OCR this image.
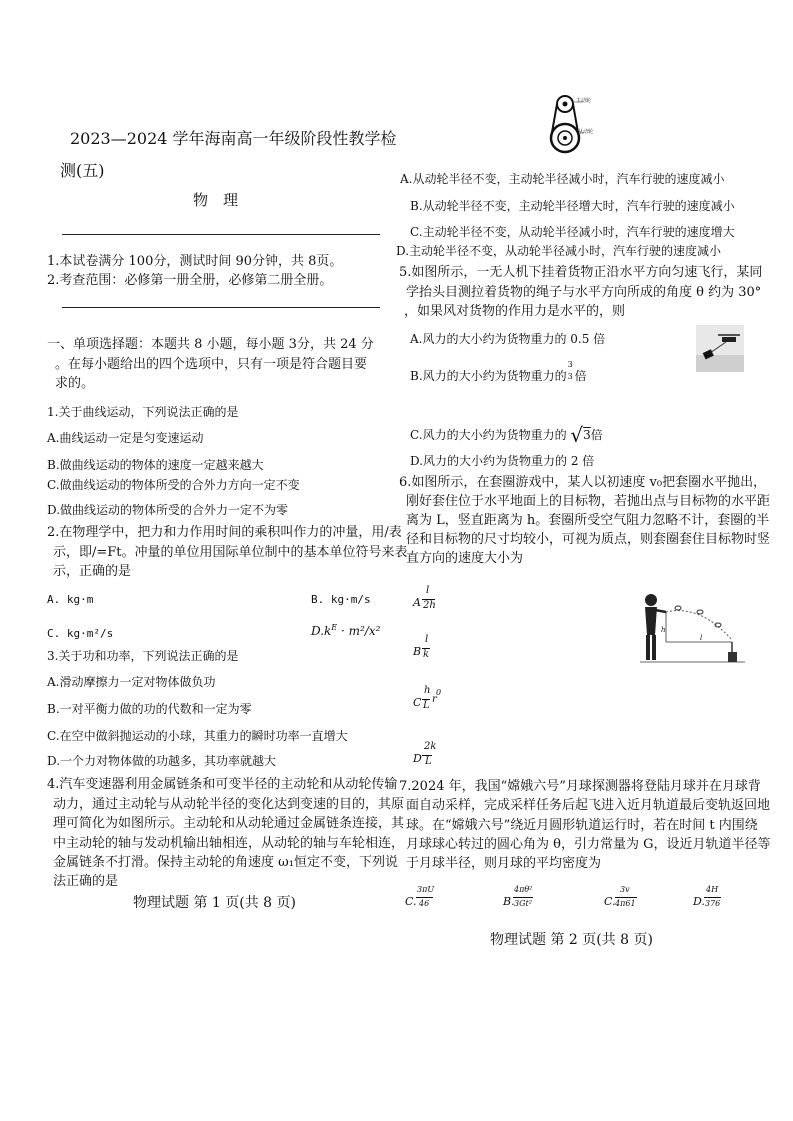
2023—2024 学年海南高一年级阶段性教学检
测(五)
物　理
1.本试卷满分 100分，测试时间 90分钟，共 8页。
2.考查范围：必修第一册全册，必修第二册全册。
一、单项选择题：本题共 8 小题，每小题 3分，共 24 分
。在每小题给出的四个选项中，只有一项是符合题目要
求的。
1.关于曲线运动，下列说法正确的是
A.曲线运动一定是匀变速运动
B.做曲线运动的物体的速度一定越来越大
C.做曲线运动的物体所受的合外力方向一定不变
D.做曲线运动的物体所受的合外力一定不为零
2.在物理学中，把力和力作用时间的乘积叫作力的冲量，用/表
示，即/=Ft。冲量的单位用国际单位制中的基本单位符号来表
示，正确的是
A. kg·m	B. kg·m/s
C. kg·m²/s	$D.k^E \cdot m^2/x^2$
3.关于功和功率，下列说法正确的是
A.滑动摩擦力一定对物体做负功
B.一对平衡力做的功的代数和一定为零
C.在空中做斜抛运动的小球，其重力的瞬时功率一直增大
D.一个力对物体做的功越多，其功率就越大
4.汽车变速器利用金属链条和可变半径的主动轮和从动轮传输
动力，通过主动轮与从动轮半径的变化达到变速的目的，其原
理可简化为如图所示。主动轮和从动轮通过金属链条连接，其
中主动轮的轴与发动机输出轴相连，从动轮的轴与车轮相连，
金属链条不打滑。保持主动轮的角速度 ω₁恒定不变，下列说
法正确的是
物理试题 第 1 页(共 8 页)
主动轮
从动轮
A.从动轮半径不变，主动轮半径减小时，汽车行驶的速度减小
B.从动轮半径不变，主动轮半径增大时，汽车行驶的速度减小
C.主动轮半径不变，从动轮半径减小时，汽车行驶的速度增大
D.主动轮半径不变，从动轮半径减小时，汽车行驶的速度减小
5.如图所示，一无人机下挂着货物正沿水平方向匀速飞行，某同
学抬头目测拉着货物的绳子与水平方向所成的角度 θ 约为 30°
，如果风对货物的作用力是水平的，则
A.风力的大小约为货物重力的 0.5 倍
B.风力的大小约为货物重力的
3
3 倍
C.风力的大小约为货物重力的 √3倍
D.风力的大小约为货物重力的 2 倍
6.如图所示，在套圈游戏中，某人以初速度 v₀把套圈水平抛出，
刚好套住位于水平地面上的目标物，若抛出点与目标物的水平距
离为 L，竖直距离为 h。套圈所受空气阻力忽略不计，套圈的半
径和目标物的尺寸均较小，可视为质点，则套圈套住目标物时竖
直方向的速度大小为
h
l
A
l
2h
B
l
k
C
h
L
r
0
D
2k
L
7.2024 年，我国“嫦娥六号”月球探测器将登陆月球并在月球背
面自动采样，完成采样任务后起飞进入近月轨道最后变轨返回地
球。在“嫦娥六号”绕近月圆形轨道运行时，若在时间 t 内围绕
月球球心转过的圆心角为 θ，引力常量为 G，设近月轨道半径等
于月球半径，则月球的平均密度为
C.
3πU
46	B.
4πθ²
3Gt²	C.
3v
4π61	D.
4H
376
物理试题 第 2 页(共 8 页)
